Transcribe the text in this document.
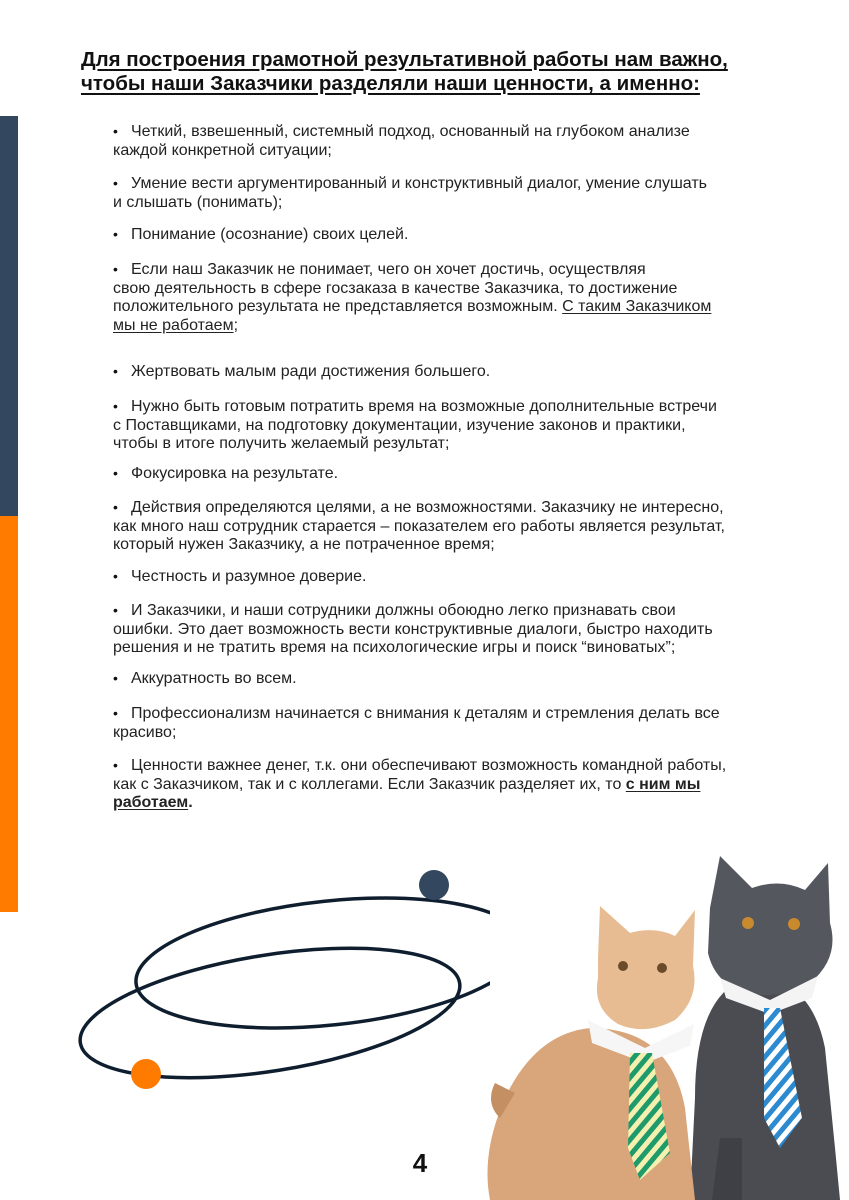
Для построения грамотной результативной работы нам важно,
чтобы наши Заказчики разделяли наши ценности, а именно:
• Четкий, взвешенный, системный подход, основанный на глубоком анализе
каждой конкретной ситуации;
• Умение вести аргументированный и конструктивный диалог, умение слушать
и слышать (понимать);
• Понимание (осознание) своих целей.
• Если наш Заказчик не понимает, чего он хочет достичь, осуществляя
свою деятельность в сфере госзаказа в качестве Заказчика, то достижение
положительного результата не представляется возможным. С таким Заказчиком
мы не работаем;
• Жертвовать малым ради достижения большего.
• Нужно быть готовым потратить время на возможные дополнительные встречи
с Поставщиками, на подготовку документации, изучение законов и практики,
чтобы в итоге получить желаемый результат;
• Фокусировка на результате.
• Действия определяются целями, а не возможностями. Заказчику не интересно,
как много наш сотрудник старается – показателем его работы является результат,
который нужен Заказчику, а не потраченное время;
• Честность и разумное доверие.
• И Заказчики, и наши сотрудники должны обоюдно легко признавать свои
ошибки. Это дает возможность вести конструктивные диалоги, быстро находить
решения и не тратить время на психологические игры и поиск “виноватых”;
• Аккуратность во всем.
• Профессионализм начинается с внимания к деталям и стремления делать все
красиво;
• Ценности важнее денег, т.к. они обеспечивают возможность командной работы,
как с Заказчиком, так и с коллегами. Если Заказчик разделяет их, то с ним мы
работаем.
4
